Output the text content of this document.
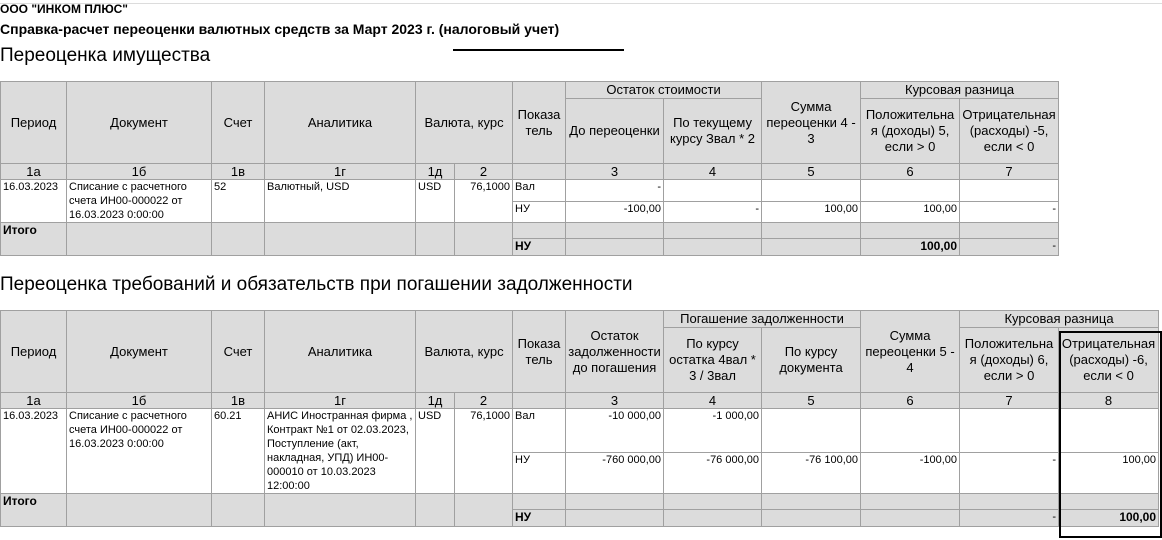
ООО "ИНКОМ ПЛЮС"
Справка-расчет переоценки валютных средств за Март 2023 г. (налоговый учет)
Переоценка имущества
Период	Документ	Счет	Аналитика	Валюта, курс		Показа тель	Остаток стоимости		Сумма переоценки 4 - 3	Курсовая разница	
							До переоценки	По текущему курсу Звал * 2		Положительна я (доходы) 5, если > 0	Отрицательная (расходы) -5, если < 0
1а	1б	1в	1г	1д	2		3	4	5	6	7
16.03.2023	Списание с расчетного счета ИН00-000022 от 16.03.2023 0:00:00	52	Валютный, USD	USD	76,1000	Вал	-				
						НУ	-100,00	-	100,00	100,00	-
Итого											
						НУ				100,00	-
Переоценка требований и обязательств при погашении задолженности
Период	Документ	Счет	Аналитика	Валюта, курс		Показа тель	Остаток задолженности до погашения	Погашение задолженности		Сумма переоценки 5 - 4	Курсовая разница	
								По курсу остатка 4вал * 3 / 3вал	По курсу документа		Положительна я (доходы) 6, если > 0	Отрицательная (расходы) -6, если < 0
1а	1б	1в	1г	1д	2		3	4	5	6	7	8
16.03.2023	Списание с расчетного счета ИН00-000022 от 16.03.2023 0:00:00	60.21	АНИС Иностранная фирма , Контракт №1 от 02.03.2023, Поступление (акт, накладная, УПД) ИН00-000010 от 10.03.2023 12:00:00	USD	76,1000	Вал	-10 000,00	-1 000,00				
						НУ	-760 000,00	-76 000,00	-76 100,00	-100,00	-	100,00
Итого												
						НУ					-	100,00
